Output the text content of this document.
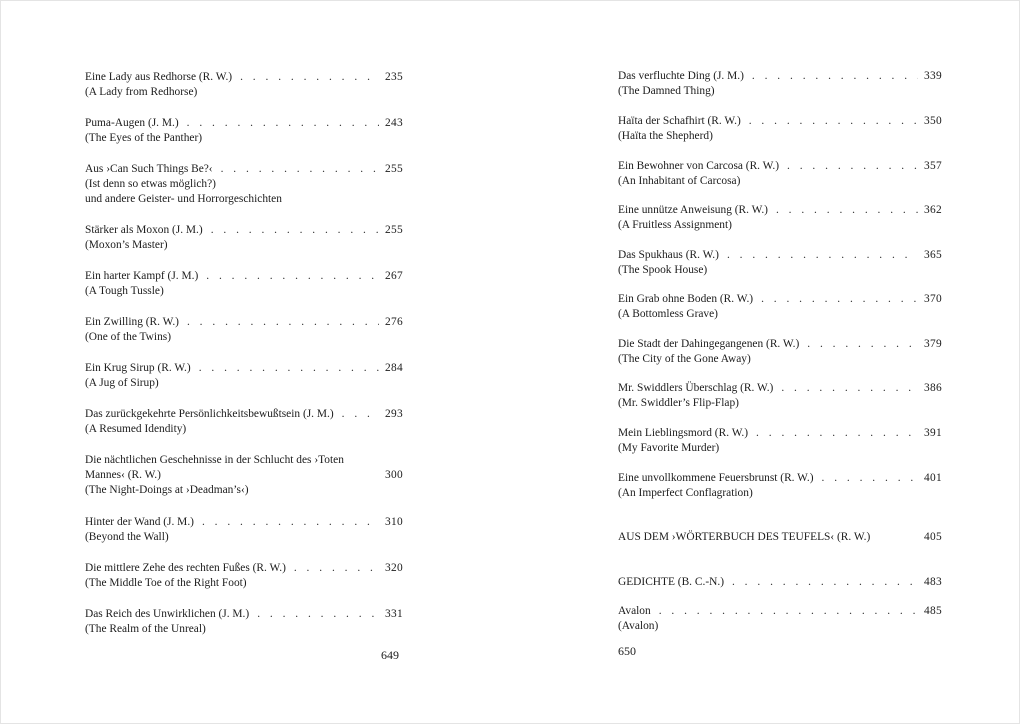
Eine Lady aus Redhorse (R. W.) . . .	235
(A Lady from Redhorse)
Puma-Augen (J. M.) . . .	243
(The Eyes of the Panther)
Aus ›Can Such Things Be?‹ . . .	255
(Ist denn so etwas möglich?)
und andere Geister- und Horrorgeschichten
Stärker als Moxon (J. M.) . . .	255
(Moxon’s Master)
Ein harter Kampf (J. M.) . . .	267
(A Tough Tussle)
Ein Zwilling (R. W.) . . .	276
(One of the Twins)
Ein Krug Sirup (R. W.) . . .	284
(A Jug of Sirup)
Das zurückgekehrte Persönlichkeitsbewußtsein (J. M.) . . .	293
(A Resumed Idendity)
Die nächtlichen Geschehnisse in der Schlucht des ›Toten
Mannes‹ (R. W.)	300
(The Night-Doings at ›Deadman’s‹)
Hinter der Wand (J. M.) . . .	310
(Beyond the Wall)
Die mittlere Zehe des rechten Fußes (R. W.) . . .	320
(The Middle Toe of the Right Foot)
Das Reich des Unwirklichen (J. M.) . . .	331
(The Realm of the Unreal)
649
Das verfluchte Ding (J. M.) . . .	339
(The Damned Thing)
Haïta der Schafhirt (R. W.) . . .	350
(Haïta the Shepherd)
Ein Bewohner von Carcosa (R. W.) . . .	357
(An Inhabitant of Carcosa)
Eine unnütze Anweisung (R. W.) . . .	362
(A Fruitless Assignment)
Das Spukhaus (R. W.) . . .	365
(The Spook House)
Ein Grab ohne Boden (R. W.) . . .	370
(A Bottomless Grave)
Die Stadt der Dahingegangenen (R. W.) . . .	379
(The City of the Gone Away)
Mr. Swiddlers Überschlag (R. W.) . . .	386
(Mr. Swiddler’s Flip-Flap)
Mein Lieblingsmord (R. W.) . . .	391
(My Favorite Murder)
Eine unvollkommene Feuersbrunst (R. W.) . . .	401
(An Imperfect Conflagration)
AUS DEM ›WÖRTERBUCH DES TEUFELS‹ (R. W.)	405
GEDICHTE (B. C.-N.) . . .	483
Avalon . . .	485
(Avalon)
650
